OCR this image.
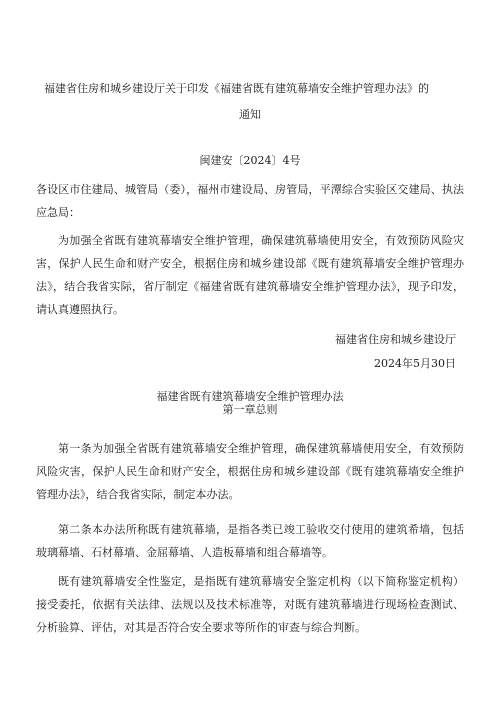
福建省住房和城乡建设厅关于印发《福建省既有建筑幕墙安全维护管理办法》的
通知
闽建安〔2024〕4号
各设区市住建局、城管局（委），福州市建设局、房管局，平潭综合实验区交建局、执法应急局：
为加强全省既有建筑幕墙安全维护管理，确保建筑幕墙使用安全，有效预防风险灾害，保护人民生命和财产安全，根据住房和城乡建设部《既有建筑幕墙安全维护管理办法》，结合我省实际，省厅制定《福建省既有建筑幕墙安全维护管理办法》，现予印发，请认真遵照执行。
福建省住房和城乡建设厅
2024年5月30日
福建省既有建筑幕墙安全维护管理办法
第一章总则
第一条为加强全省既有建筑幕墙安全维护管理，确保建筑幕墙使用安全，有效预防风险灾害，保护人民生命和财产安全，根据住房和城乡建设部《既有建筑幕墙安全维护管理办法》，结合我省实际，制定本办法。
第二条本办法所称既有建筑幕墙，是指各类已竣工验收交付使用的建筑希墙，包括玻璃幕墙、石材幕墙、金屈幕墙、人造板幕墙和组合幕墙等。
既有建筑幕墙安全性鉴定，是指既有建筑幕墙安全鉴定机构（以下简称鉴定机构）接受委托，依据有关法律、法规以及技术标准等，对既有建筑幕墙进行现场检查测试、分析验算、评估，对其是否符合安全要求等所作的审查与综合判断。
